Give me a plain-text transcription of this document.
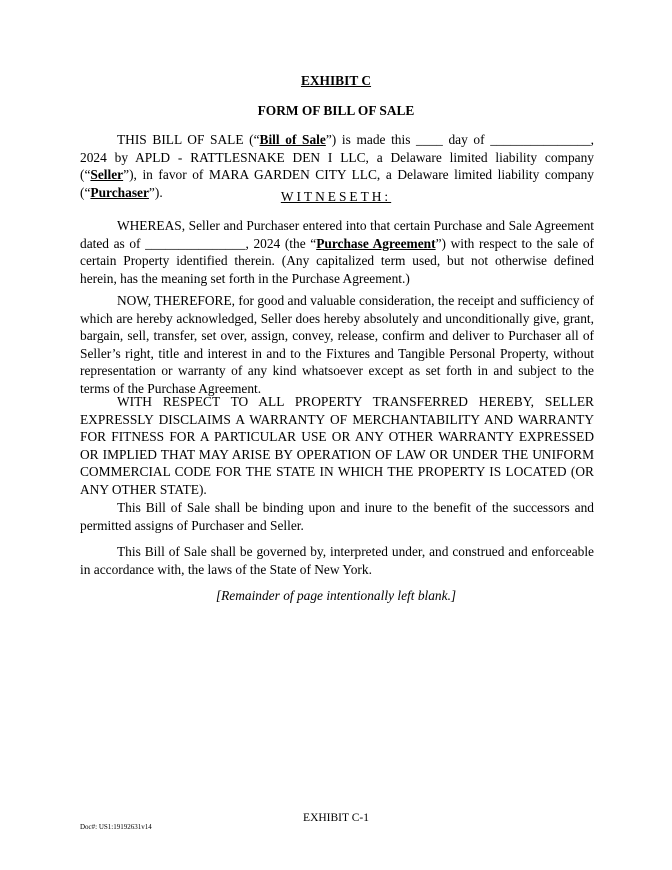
EXHIBIT C

FORM OF BILL OF SALE

THIS BILL OF SALE (“Bill of Sale”) is made this ____ day of _______________, 2024 by APLD - RATTLESNAKE DEN I LLC, a Delaware limited liability company (“Seller”), in favor of MARA GARDEN CITY LLC, a Delaware limited liability company (“Purchaser”).	WITNESETH:

WHEREAS, Seller and Purchaser entered into that certain Purchase and Sale Agreement dated as of _______________, 2024 (the “Purchase Agreement”) with respect to the sale of certain Property identified therein. (Any capitalized term used, but not otherwise defined herein, has the meaning set forth in the Purchase Agreement.)

NOW, THEREFORE, for good and valuable consideration, the receipt and sufficiency of which are hereby acknowledged, Seller does hereby absolutely and unconditionally give, grant, bargain, sell, transfer, set over, assign, convey, release, confirm and deliver to Purchaser all of Seller’s right, title and interest in and to the Fixtures and Tangible Personal Property, without representation or warranty of any kind whatsoever except as set forth in and subject to the terms of the Purchase Agreement.

WITH RESPECT TO ALL PROPERTY TRANSFERRED HEREBY, SELLER EXPRESSLY DISCLAIMS A WARRANTY OF MERCHANTABILITY AND WARRANTY FOR FITNESS FOR A PARTICULAR USE OR ANY OTHER WARRANTY EXPRESSED OR IMPLIED THAT MAY ARISE BY OPERATION OF LAW OR UNDER THE UNIFORM COMMERCIAL CODE FOR THE STATE IN WHICH THE PROPERTY IS LOCATED (OR ANY OTHER STATE).

This Bill of Sale shall be binding upon and inure to the benefit of the successors and permitted assigns of Purchaser and Seller.

This Bill of Sale shall be governed by, interpreted under, and construed and enforceable in accordance with, the laws of the State of New York.

[Remainder of page intentionally left blank.]

EXHIBIT C-1

Doc#: US1:19192631v14
